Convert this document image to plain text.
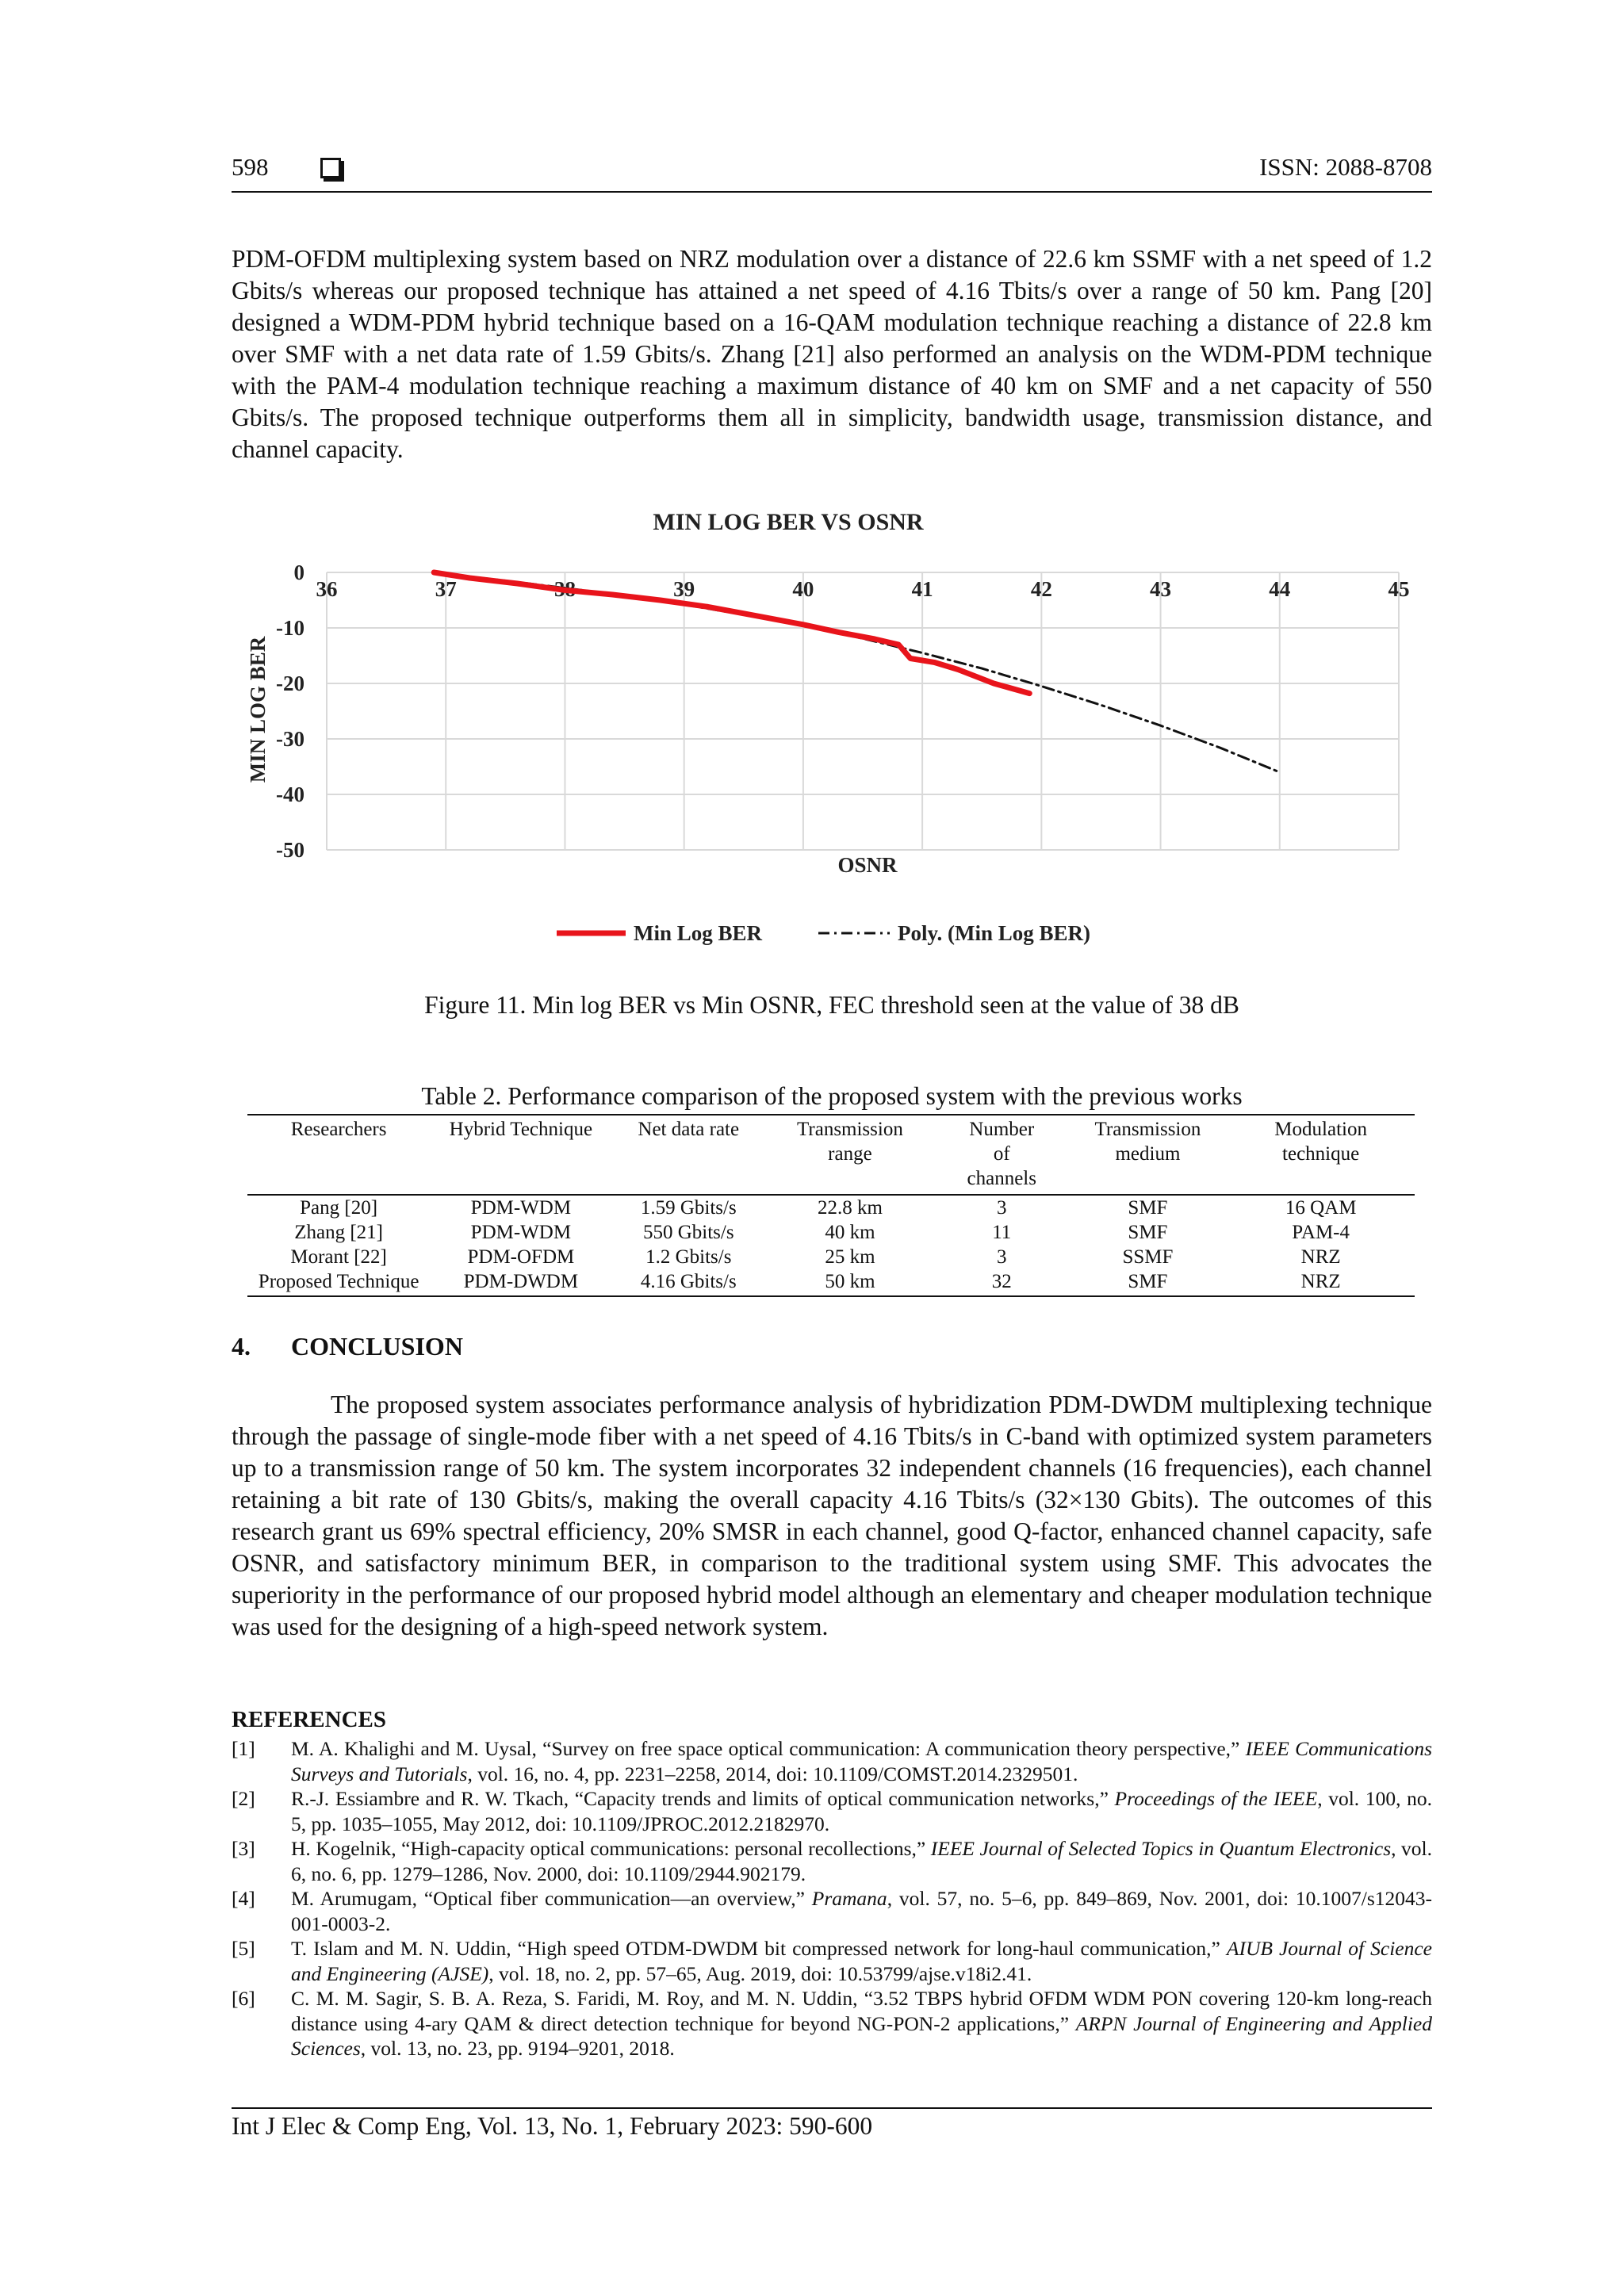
598	ISSN: 2088-8708

PDM-OFDM multiplexing system based on NRZ modulation over a distance of 22.6 km SSMF with a net speed of 1.2 Gbits/s whereas our proposed technique has attained a net speed of 4.16 Tbits/s over a range of 50 km. Pang [20] designed a WDM-PDM hybrid technique based on a 16-QAM modulation technique reaching a distance of 22.8 km over SMF with a net data rate of 1.59 Gbits/s. Zhang [21] also performed an analysis on the WDM-PDM technique with the PAM-4 modulation technique reaching a maximum distance of 40 km on SMF and a net capacity of 550 Gbits/s. The proposed technique outperforms them all in simplicity, bandwidth usage, transmission distance, and channel capacity.

MIN LOG BER VS OSNR
36	37	38	39	40	41	42	43	44	45
0
-10
-20
-30
-40
-50
MIN LOG BER
OSNR
Min Log BER	Poly. (Min Log BER)
Figure 11. Min log BER vs Min OSNR, FEC threshold seen at the value of 38 dB
Table 2. Performance comparison of the proposed system with the previous works
Researchers	Hybrid Technique	Net data rate	Transmission range	Number of channels	Transmission medium	Modulation technique
Pang [20]	PDM-WDM	1.59 Gbits/s	22.8 km	3	SMF	16 QAM
Zhang [21]	PDM-WDM	550 Gbits/s	40 km	11	SMF	PAM-4
Morant [22]	PDM-OFDM	1.2 Gbits/s	25 km	3	SSMF	NRZ
Proposed Technique	PDM-DWDM	4.16 Gbits/s	50 km	32	SMF	NRZ
4. CONCLUSION

The proposed system associates performance analysis of hybridization PDM-DWDM multiplexing technique through the passage of single-mode fiber with a net speed of 4.16 Tbits/s in C-band with optimized system parameters up to a transmission range of 50 km. The system incorporates 32 independent channels (16 frequencies), each channel retaining a bit rate of 130 Gbits/s, making the overall capacity 4.16 Tbits/s (32×130 Gbits). The outcomes of this research grant us 69% spectral efficiency, 20% SMSR in each channel, good Q-factor, enhanced channel capacity, safe OSNR, and satisfactory minimum BER, in comparison to the traditional system using SMF. This advocates the superiority in the performance of our proposed hybrid model although an elementary and cheaper modulation technique was used for the designing of a high-speed network system.

REFERENCES
[1] M. A. Khalighi and M. Uysal, “Survey on free space optical communication: A communication theory perspective,” IEEE Communications Surveys and Tutorials, vol. 16, no. 4, pp. 2231–2258, 2014, doi: 10.1109/COMST.2014.2329501.
[2] R.-J. Essiambre and R. W. Tkach, “Capacity trends and limits of optical communication networks,” Proceedings of the IEEE, vol. 100, no. 5, pp. 1035–1055, May 2012, doi: 10.1109/JPROC.2012.2182970.
[3] H. Kogelnik, “High-capacity optical communications: personal recollections,” IEEE Journal of Selected Topics in Quantum Electronics, vol. 6, no. 6, pp. 1279–1286, Nov. 2000, doi: 10.1109/2944.902179.
[4] M. Arumugam, “Optical fiber communication—an overview,” Pramana, vol. 57, no. 5–6, pp. 849–869, Nov. 2001, doi: 10.1007/s12043-001-0003-2.
[5] T. Islam and M. N. Uddin, “High speed OTDM-DWDM bit compressed network for long-haul communication,” AIUB Journal of Science and Engineering (AJSE), vol. 18, no. 2, pp. 57–65, Aug. 2019, doi: 10.53799/ajse.v18i2.41.
[6] C. M. M. Sagir, S. B. A. Reza, S. Faridi, M. Roy, and M. N. Uddin, “3.52 TBPS hybrid OFDM WDM PON covering 120-km long-reach distance using 4-ary QAM & direct detection technique for beyond NG-PON-2 applications,” ARPN Journal of Engineering and Applied Sciences, vol. 13, no. 23, pp. 9194–9201, 2018.
Int J Elec & Comp Eng, Vol. 13, No. 1, February 2023: 590-600
